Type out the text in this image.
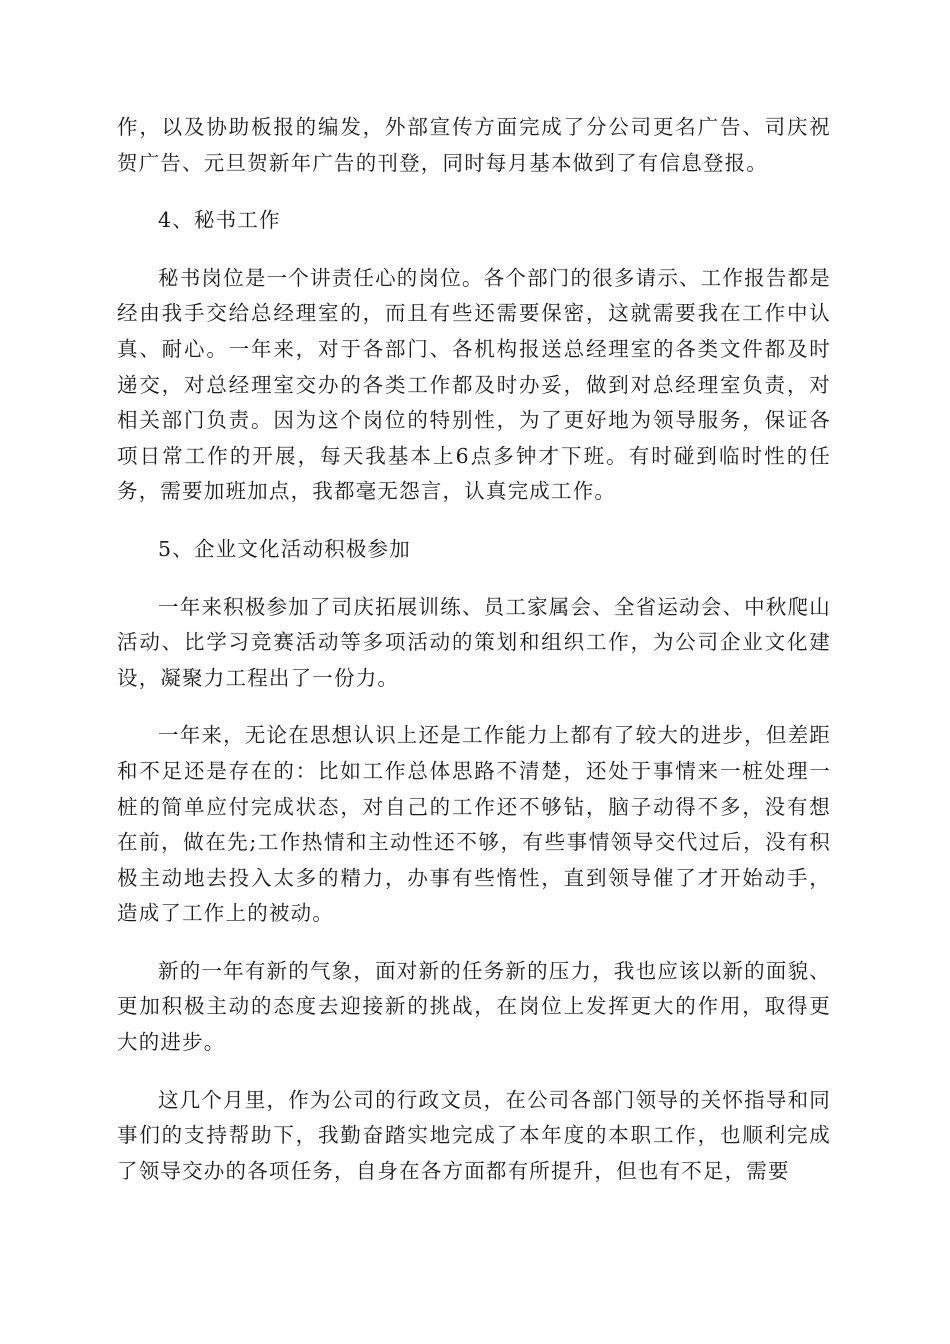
作，以及协助板报的编发，外部宣传方面完成了分公司更名广告、司庆祝贺广告、元旦贺新年广告的刊登，同时每月基本做到了有信息登报。

4、秘书工作

秘书岗位是一个讲责任心的岗位。各个部门的很多请示、工作报告都是经由我手交给总经理室的，而且有些还需要保密，这就需要我在工作中认真、耐心。一年来，对于各部门、各机构报送总经理室的各类文件都及时递交，对总经理室交办的各类工作都及时办妥，做到对总经理室负责，对相关部门负责。因为这个岗位的特别性，为了更好地为领导服务，保证各项日常工作的开展，每天我基本上6点多钟才下班。有时碰到临时性的任务，需要加班加点，我都毫无怨言，认真完成工作。

5、企业文化活动积极参加

一年来积极参加了司庆拓展训练、员工家属会、全省运动会、中秋爬山活动、比学习竞赛活动等多项活动的策划和组织工作，为公司企业文化建设，凝聚力工程出了一份力。

一年来，无论在思想认识上还是工作能力上都有了较大的进步，但差距和不足还是存在的：比如工作总体思路不清楚，还处于事情来一桩处理一桩的简单应付完成状态，对自己的工作还不够钻，脑子动得不多，没有想在前，做在先;工作热情和主动性还不够，有些事情领导交代过后，没有积极主动地去投入太多的精力，办事有些惰性，直到领导催了才开始动手，造成了工作上的被动。

新的一年有新的气象，面对新的任务新的压力，我也应该以新的面貌、更加积极主动的态度去迎接新的挑战，在岗位上发挥更大的作用，取得更大的进步。

这几个月里，作为公司的行政文员，在公司各部门领导的关怀指导和同事们的支持帮助下，我勤奋踏实地完成了本年度的本职工作，也顺利完成了领导交办的各项任务，自身在各方面都有所提升，但也有不足，需要
